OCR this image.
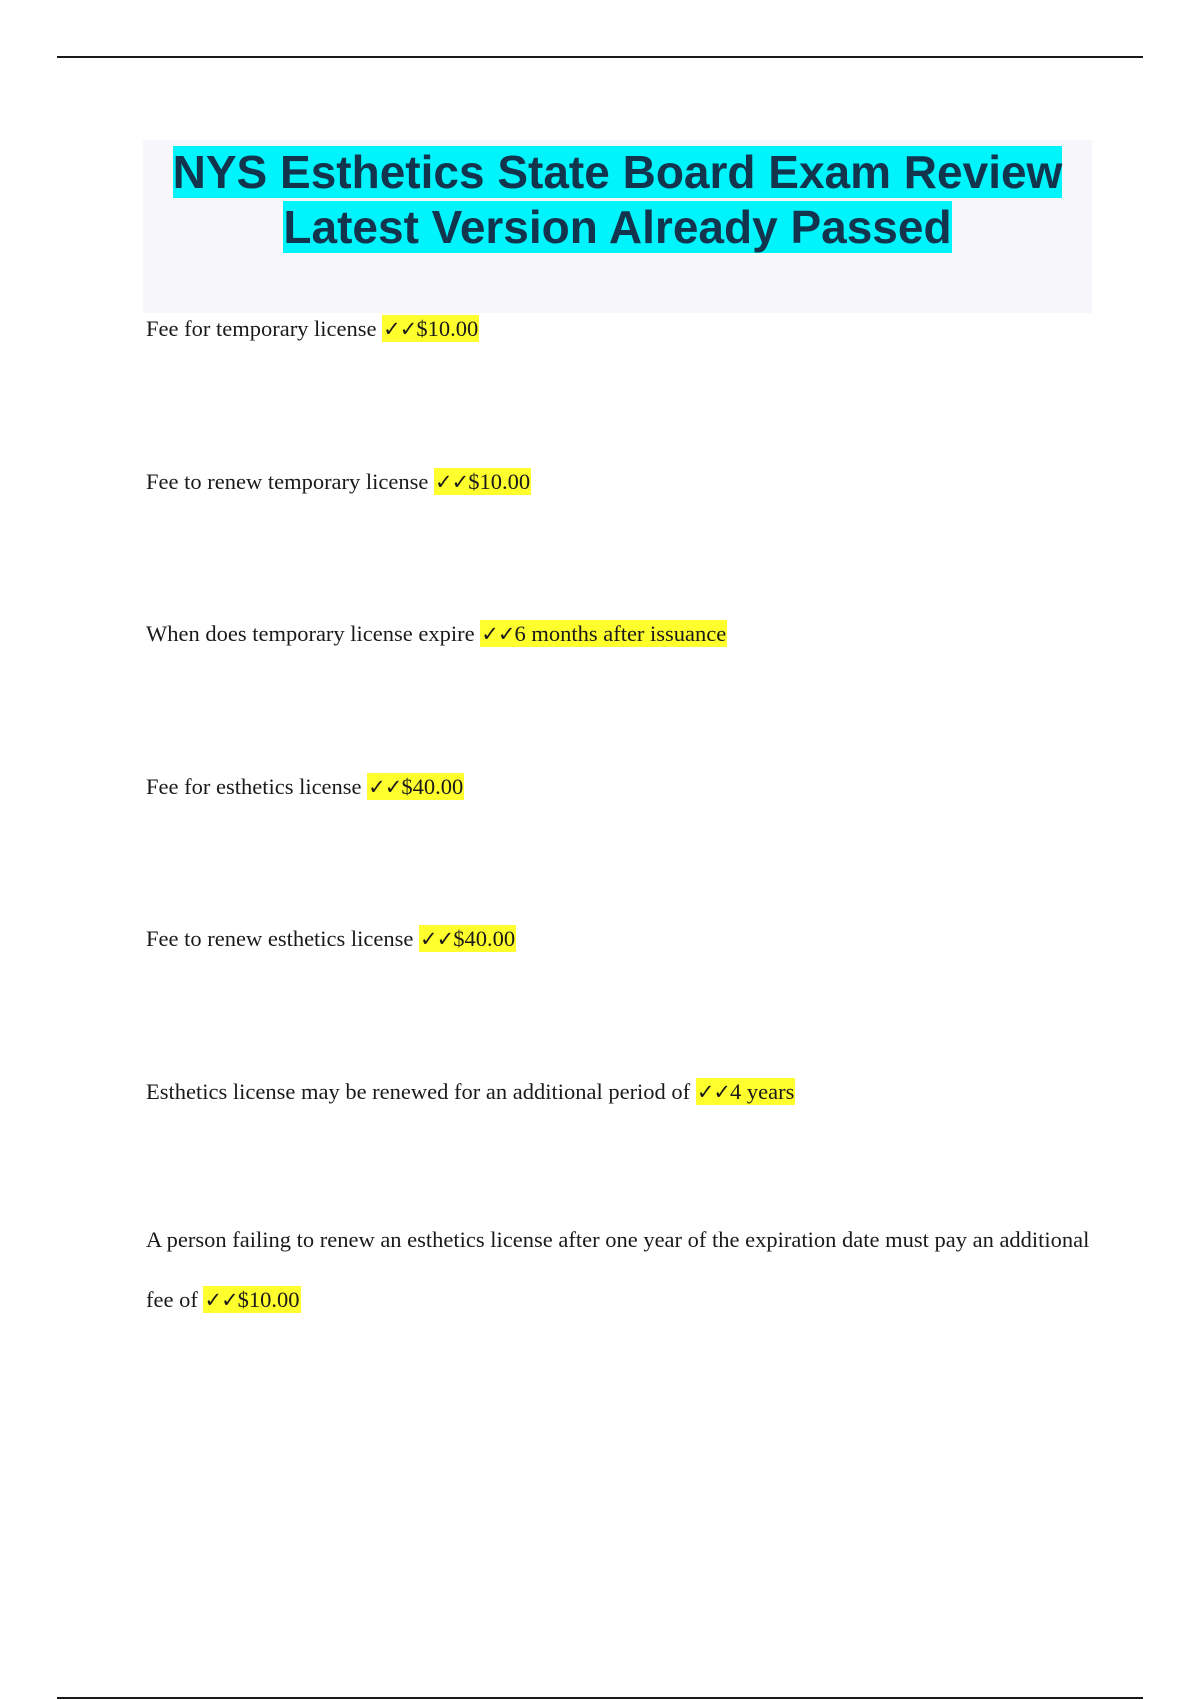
NYS Esthetics State Board Exam Review Latest Version Already Passed

Fee for temporary license ✓✓$10.00

Fee to renew temporary license ✓✓$10.00

When does temporary license expire ✓✓6 months after issuance

Fee for esthetics license ✓✓$40.00

Fee to renew esthetics license ✓✓$40.00

Esthetics license may be renewed for an additional period of ✓✓4 years

A person failing to renew an esthetics license after one year of the expiration date must pay an additional fee of ✓✓$10.00
